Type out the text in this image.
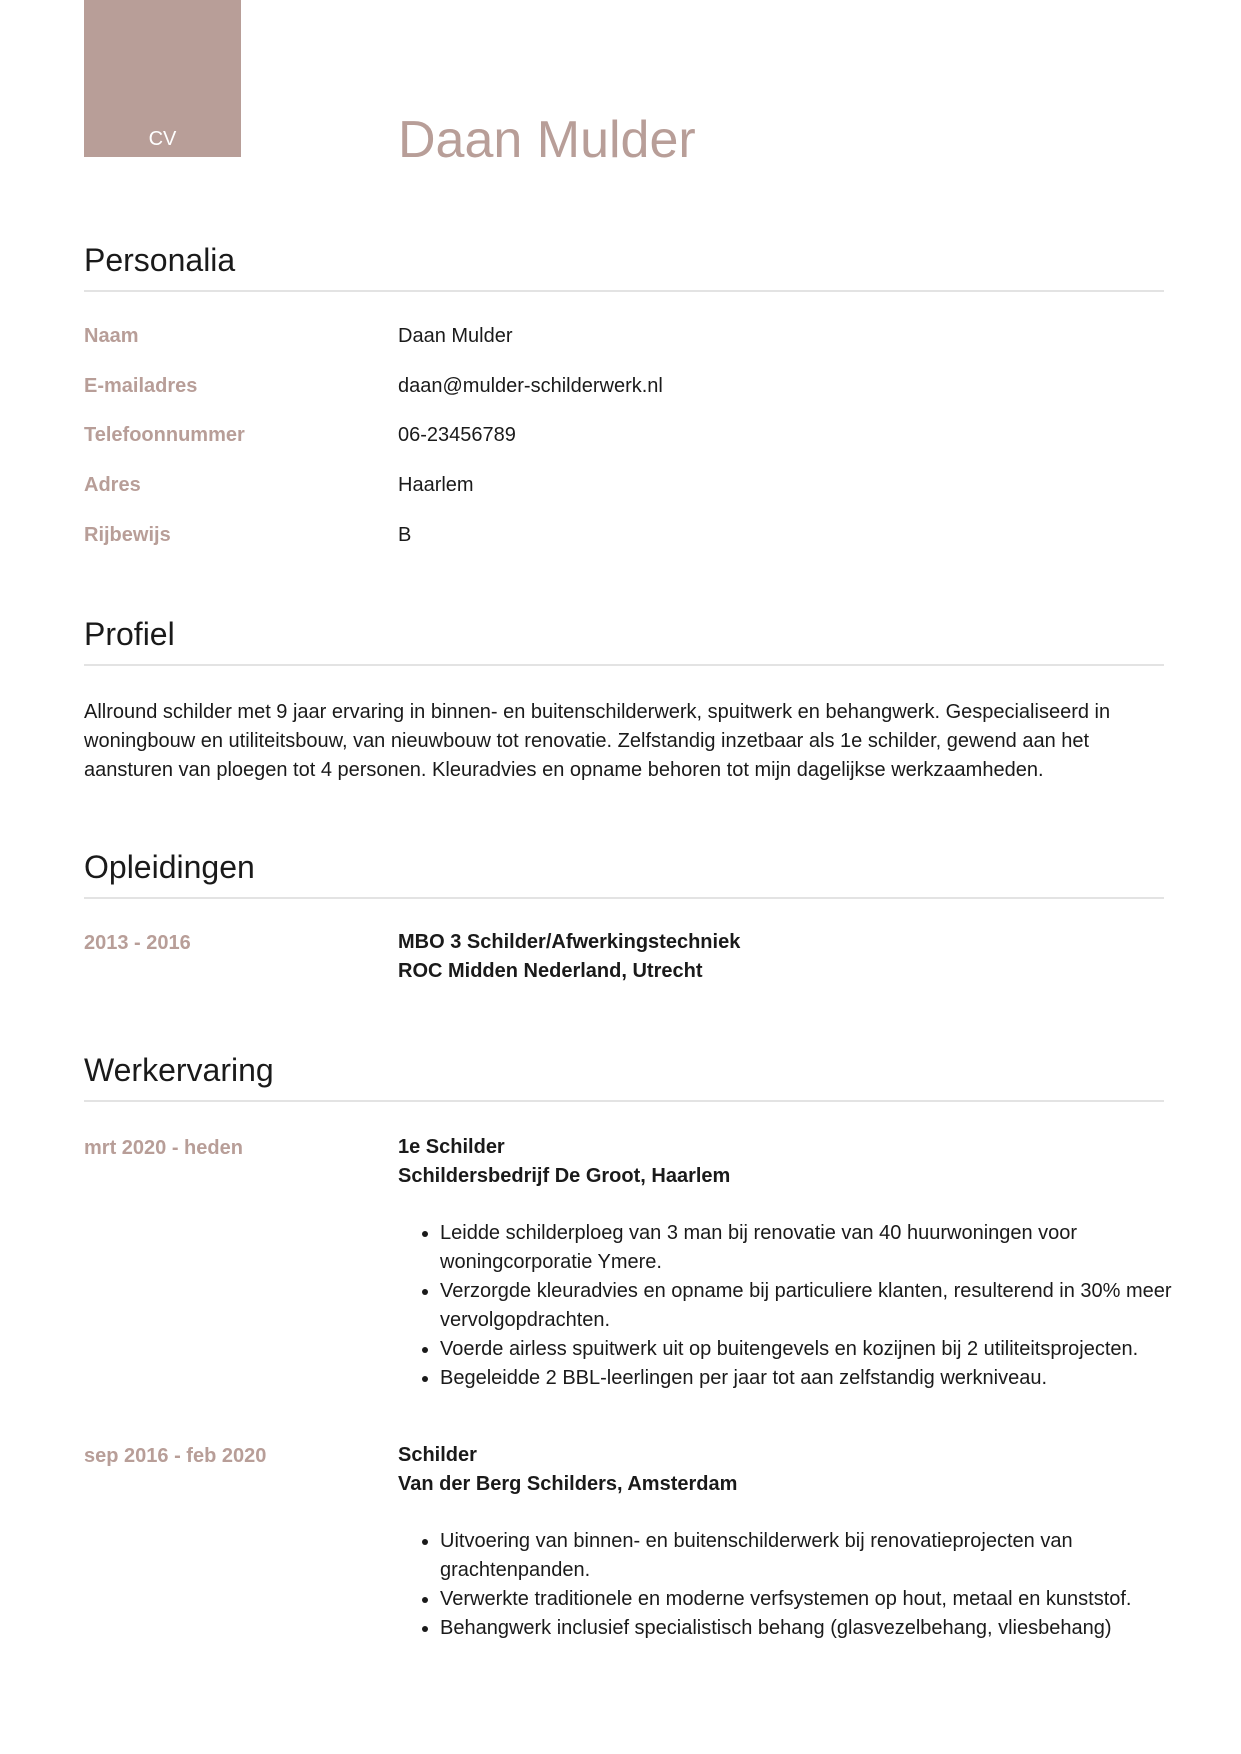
CV	Daan Mulder
Personalia
Naam	Daan Mulder
E-mailadres	daan@mulder-schilderwerk.nl
Telefoonnummer	06-23456789
Adres	Haarlem
Rijbewijs	B
Profiel
Allround schilder met 9 jaar ervaring in binnen- en buitenschilderwerk, spuitwerk en behangwerk. Gespecialiseerd in woningbouw en utiliteitsbouw, van nieuwbouw tot renovatie. Zelfstandig inzetbaar als 1e schilder, gewend aan het aansturen van ploegen tot 4 personen. Kleuradvies en opname behoren tot mijn dagelijkse werkzaamheden.
Opleidingen
2013 - 2016	MBO 3 Schilder/Afwerkingstechniek
ROC Midden Nederland, Utrecht
Werkervaring
mrt 2020 - heden	1e Schilder
Schildersbedrijf De Groot, Haarlem
• Leidde schilderploeg van 3 man bij renovatie van 40 huurwoningen voor woningcorporatie Ymere.
• Verzorgde kleuradvies en opname bij particuliere klanten, resulterend in 30% meer vervolgopdrachten.
• Voerde airless spuitwerk uit op buitengevels en kozijnen bij 2 utiliteitsprojecten.
• Begeleidde 2 BBL-leerlingen per jaar tot aan zelfstandig werkniveau.
sep 2016 - feb 2020	Schilder
Van der Berg Schilders, Amsterdam
• Uitvoering van binnen- en buitenschilderwerk bij renovatieprojecten van grachtenpanden.
• Verwerkte traditionele en moderne verfsystemen op hout, metaal en kunststof.
• Behangwerk inclusief specialistisch behang (glasvezelbehang, vliesbehang)
